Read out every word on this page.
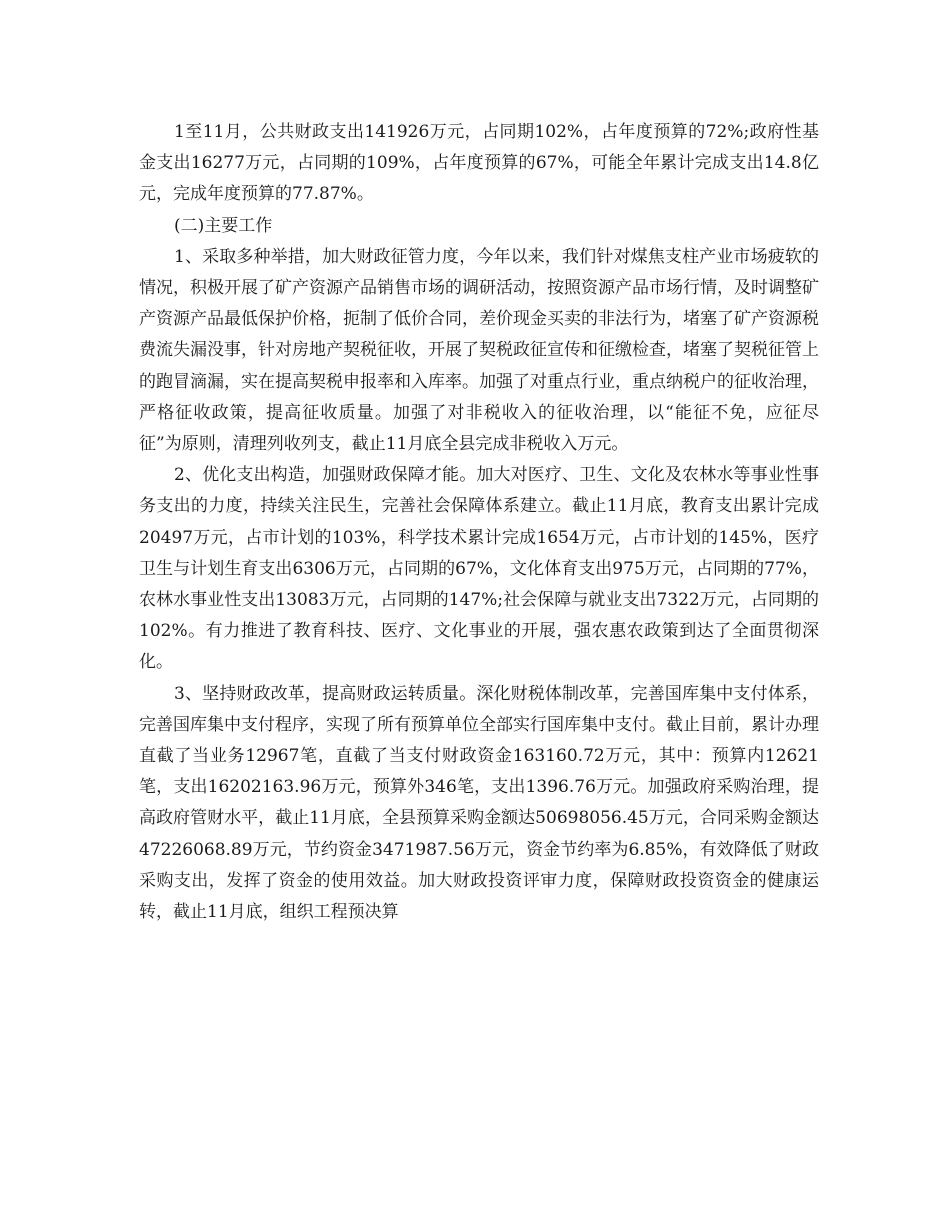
1至11月，公共财政支出141926万元，占同期102%，占年度预算的72%;政府性基金支出16277万元，占同期的109%，占年度预算的67%，可能全年累计完成支出14.8亿元，完成年度预算的77.87%。

(二)主要工作

1、采取多种举措，加大财政征管力度，今年以来，我们针对煤焦支柱产业市场疲软的情况，积极开展了矿产资源产品销售市场的调研活动，按照资源产品市场行情，及时调整矿产资源产品最低保护价格，扼制了低价合同，差价现金买卖的非法行为，堵塞了矿产资源税费流失漏没事，针对房地产契税征收，开展了契税政征宣传和征缴检查，堵塞了契税征管上的跑冒滴漏，实在提高契税申报率和入库率。加强了对重点行业，重点纳税户的征收治理，严格征收政策，提高征收质量。加强了对非税收入的征收治理，以“能征不免，应征尽征”为原则，清理列收列支，截止11月底全县完成非税收入万元。

2、优化支出构造，加强财政保障才能。加大对医疗、卫生、文化及农林水等事业性事务支出的力度，持续关注民生，完善社会保障体系建立。截止11月底，教育支出累计完成20497万元，占市计划的103%，科学技术累计完成1654万元，占市计划的145%，医疗卫生与计划生育支出6306万元，占同期的67%，文化体育支出975万元，占同期的77%，农林水事业性支出13083万元，占同期的147%;社会保障与就业支出7322万元，占同期的102%。有力推进了教育科技、医疗、文化事业的开展，强农惠农政策到达了全面贯彻深化。

3、坚持财政改革，提高财政运转质量。深化财税体制改革，完善国库集中支付体系，完善国库集中支付程序，实现了所有预算单位全部实行国库集中支付。截止目前，累计办理直截了当业务12967笔，直截了当支付财政资金163160.72万元，其中：预算内12621笔，支出16202163.96万元，预算外346笔，支出1396.76万元。加强政府采购治理，提高政府管财水平，截止11月底，全县预算采购金额达50698056.45万元，合同采购金额达47226068.89万元，节约资金3471987.56万元，资金节约率为6.85%，有效降低了财政采购支出，发挥了资金的使用效益。加大财政投资评审力度，保障财政投资资金的健康运转，截止11月底，组织工程预决算
